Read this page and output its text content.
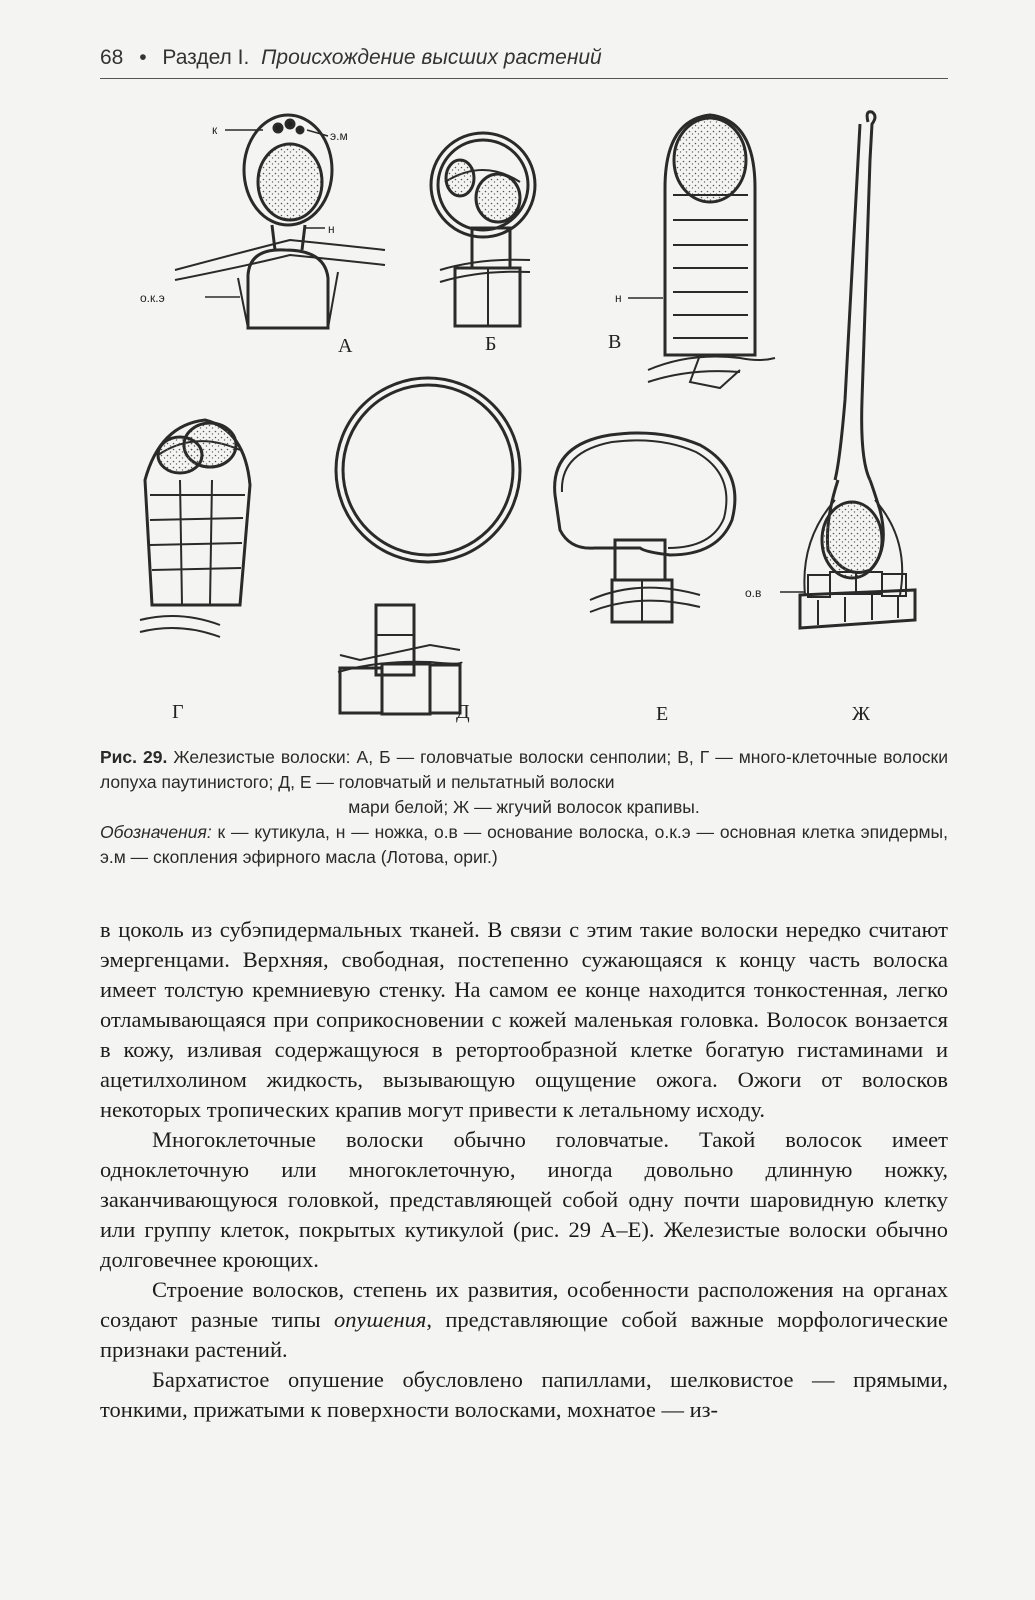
68 • Раздел I. Происхождение высших растений
к	э.м
н
о.к.э	н
о.в
А	Б	В
Г	Д	Е	Ж
Рис. 29. Железистые волоски: А, Б — головчатые волоски сенполии; В, Г — много-клеточные волоски лопуха паутинистого; Д, Е — головчатый и пельтатный волоски
мари белой; Ж — жгучий волосок крапивы.
Обозначения: к — кутикула, н — ножка, о.в — основание волоска, о.к.э — основная клетка эпидермы, э.м — скопления эфирного масла (Лотова, ориг.)

в цоколь из субэпидермальных тканей. В связи с этим такие волоски нередко считают эмергенцами. Верхняя, свободная, постепенно сужающаяся к концу часть волоска имеет толстую кремниевую стенку. На самом ее конце находится тонкостенная, легко отламывающаяся при соприкосновении с кожей маленькая головка. Волосок вонзается в кожу, изливая содержащуюся в ретортообразной клетке богатую гистаминами и ацетилхолином жидкость, вызывающую ощущение ожога. Ожоги от волосков некоторых тропических крапив могут привести к летальному исходу.

Многоклеточные волоски обычно головчатые. Такой волосок имеет одноклеточную или многоклеточную, иногда довольно длинную ножку, заканчивающуюся головкой, представляющей собой одну почти шаровидную клетку или группу клеток, покрытых кутикулой (рис. 29 А–Е). Железистые волоски обычно долговечнее кроющих.

Строение волосков, степень их развития, особенности расположения на органах создают разные типы опушения, представляющие собой важные морфологические признаки растений.

Бархатистое опушение обусловлено папиллами, шелковистое — прямыми, тонкими, прижатыми к поверхности волосками, мохнатое — из-
